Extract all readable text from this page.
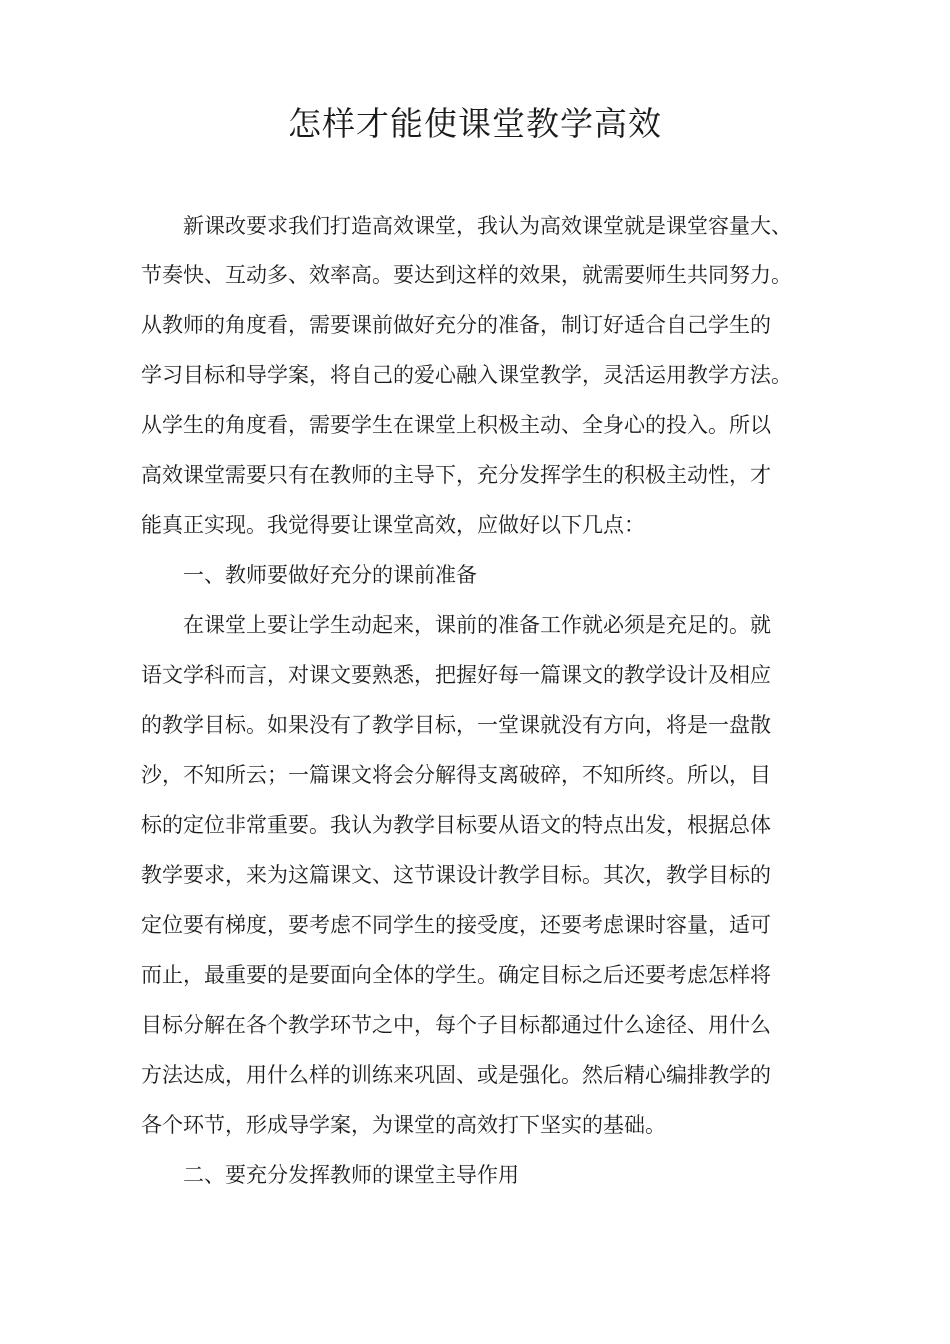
怎样才能使课堂教学高效

新课改要求我们打造高效课堂，我认为高效课堂就是课堂容量大、

节奏快、互动多、效率高。要达到这样的效果，就需要师生共同努力。

从教师的角度看，需要课前做好充分的准备，制订好适合自己学生的

学习目标和导学案，将自己的爱心融入课堂教学，灵活运用教学方法。

从学生的角度看，需要学生在课堂上积极主动、全身心的投入。所以

高效课堂需要只有在教师的主导下，充分发挥学生的积极主动性，才

能真正实现。我觉得要让课堂高效，应做好以下几点：

一、教师要做好充分的课前准备

在课堂上要让学生动起来，课前的准备工作就必须是充足的。就

语文学科而言，对课文要熟悉，把握好每一篇课文的教学设计及相应

的教学目标。如果没有了教学目标，一堂课就没有方向，将是一盘散

沙，不知所云；一篇课文将会分解得支离破碎，不知所终。所以，目

标的定位非常重要。我认为教学目标要从语文的特点出发，根据总体

教学要求，来为这篇课文、这节课设计教学目标。其次，教学目标的

定位要有梯度，要考虑不同学生的接受度，还要考虑课时容量，适可

而止，最重要的是要面向全体的学生。确定目标之后还要考虑怎样将

目标分解在各个教学环节之中，每个子目标都通过什么途径、用什么

方法达成，用什么样的训练来巩固、或是强化。然后精心编排教学的

各个环节，形成导学案，为课堂的高效打下坚实的基础。

二、要充分发挥教师的课堂主导作用
